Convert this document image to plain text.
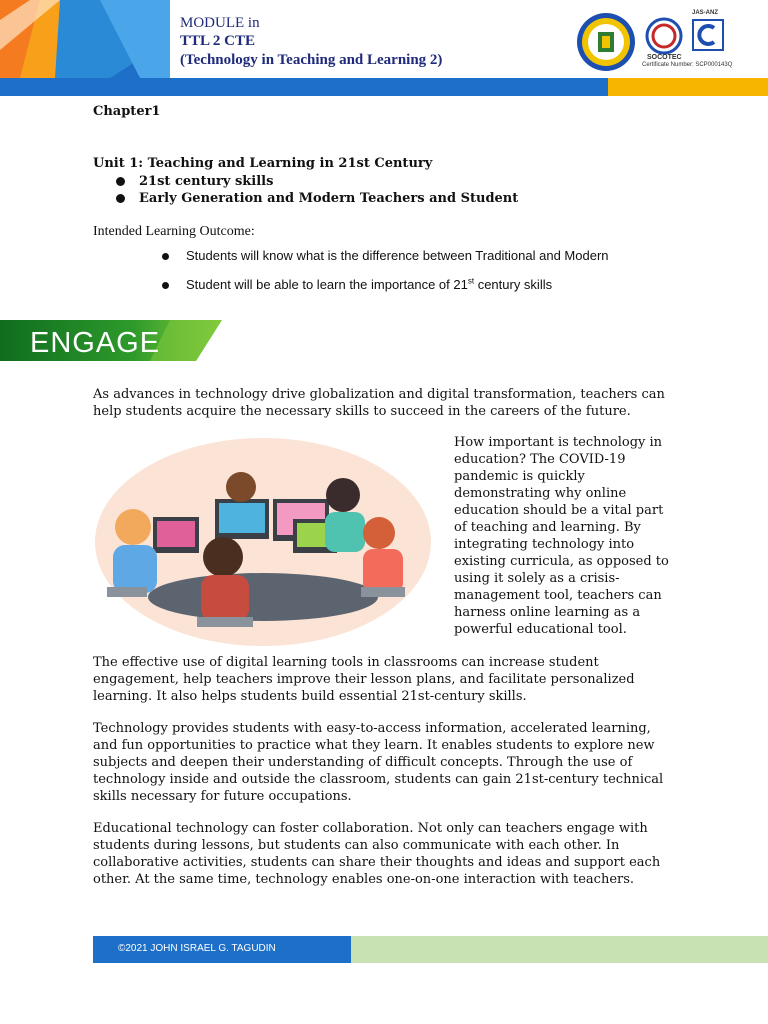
MODULE in
TTL 2 CTE
(Technology in Teaching and Learning 2)	SOCOTEC
JAS-ANZ
Certificate Number: SCP000143Q
Chapter1
Unit 1: Teaching and Learning in 21st Century
21st century skills
Early Generation and Modern Teachers and Student
Intended Learning Outcome:
Students will know what is the difference between Traditional and Modern
Student will be able to learn the importance of 21st century skills
ENGAGE

As advances in technology drive globalization and digital transformation, teachers can help students acquire the necessary skills to succeed in the careers of the future.

How important is technology in education? The COVID-19 pandemic is quickly demonstrating why online education should be a vital part of teaching and learning. By integrating technology into existing curricula, as opposed to using it solely as a crisis-management tool, teachers can harness online learning as a powerful educational tool.

The effective use of digital learning tools in classrooms can increase student engagement, help teachers improve their lesson plans, and facilitate personalized learning. It also helps students build essential 21st-century skills.

Technology provides students with easy-to-access information, accelerated learning, and fun opportunities to practice what they learn. It enables students to explore new subjects and deepen their understanding of difficult concepts. Through the use of technology inside and outside the classroom, students can gain 21st-century technical skills necessary for future occupations.

Educational technology can foster collaboration. Not only can teachers engage with students during lessons, but students can also communicate with each other. In collaborative activities, students can share their thoughts and ideas and support each other. At the same time, technology enables one-on-one interaction with teachers.

©2021 JOHN ISRAEL G. TAGUDIN
